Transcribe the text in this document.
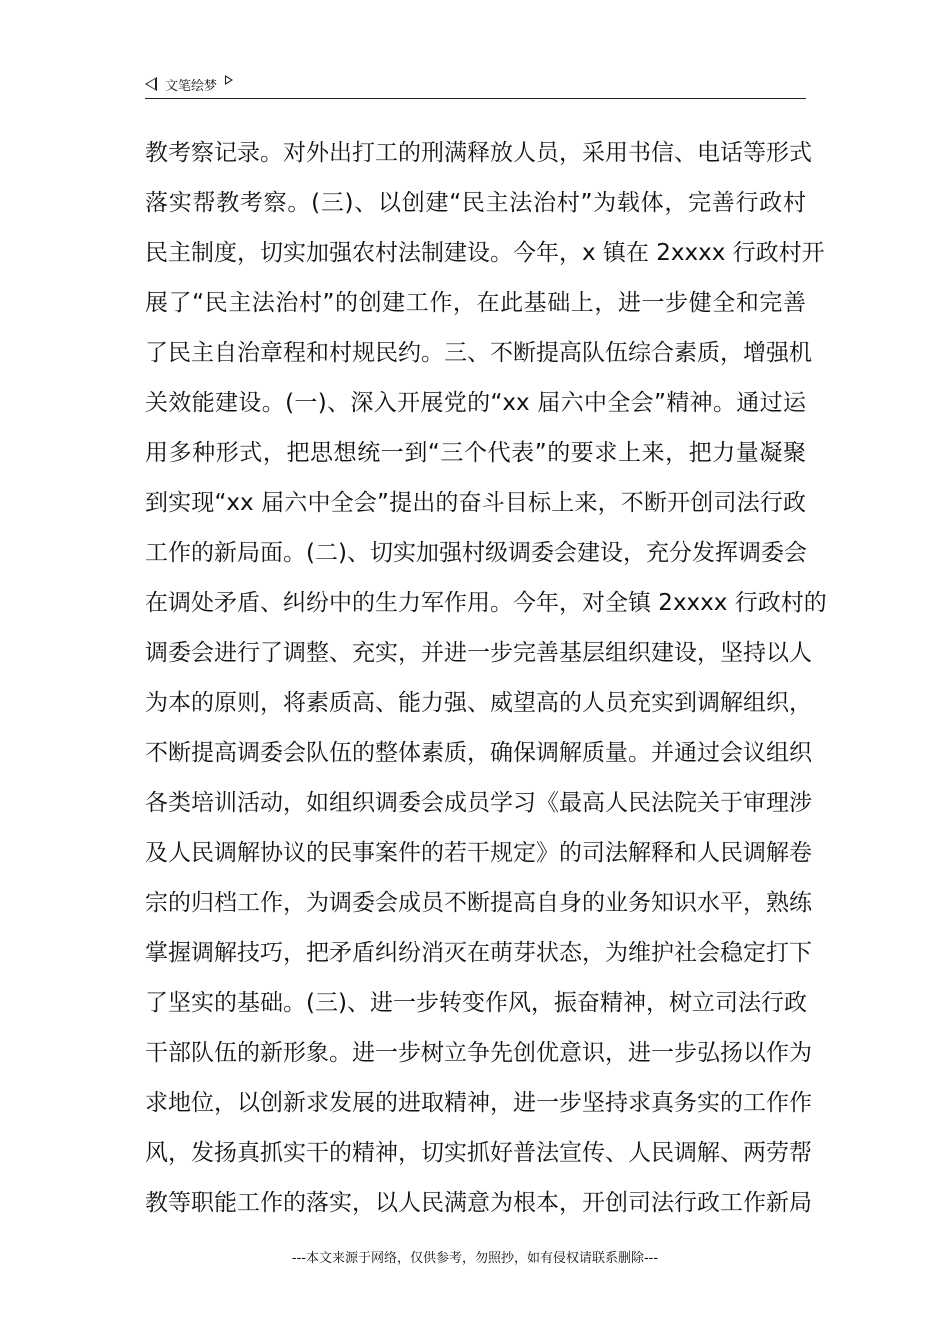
文笔绘梦
教考察记录。对外出打工的刑满释放人员，采用书信、电话等形式
落实帮教考察。(三)、以创建“民主法治村”为载体，完善行政村
民主制度，切实加强农村法制建设。今年，x 镇在 2xxxx 行政村开
展了“民主法治村”的创建工作，在此基础上，进一步健全和完善
了民主自治章程和村规民约。三、不断提高队伍综合素质，增强机
关效能建设。(一)、深入开展党的“xx 届六中全会”精神。通过运
用多种形式，把思想统一到“三个代表”的要求上来，把力量凝聚
到实现“xx 届六中全会”提出的奋斗目标上来，不断开创司法行政
工作的新局面。(二)、切实加强村级调委会建设，充分发挥调委会
在调处矛盾、纠纷中的生力军作用。今年，对全镇 2xxxx 行政村的
调委会进行了调整、充实，并进一步完善基层组织建设，坚持以人
为本的原则，将素质高、能力强、威望高的人员充实到调解组织，
不断提高调委会队伍的整体素质，确保调解质量。并通过会议组织
各类培训活动，如组织调委会成员学习《最高人民法院关于审理涉
及人民调解协议的民事案件的若干规定》的司法解释和人民调解卷
宗的归档工作，为调委会成员不断提高自身的业务知识水平，熟练
掌握调解技巧，把矛盾纠纷消灭在萌芽状态，为维护社会稳定打下
了坚实的基础。(三)、进一步转变作风，振奋精神，树立司法行政
干部队伍的新形象。进一步树立争先创优意识，进一步弘扬以作为
求地位，以创新求发展的进取精神，进一步坚持求真务实的工作作
风，发扬真抓实干的精神，切实抓好普法宣传、人民调解、两劳帮
教等职能工作的落实，以人民满意为根本，开创司法行政工作新局
---本文来源于网络，仅供参考，勿照抄，如有侵权请联系删除---
